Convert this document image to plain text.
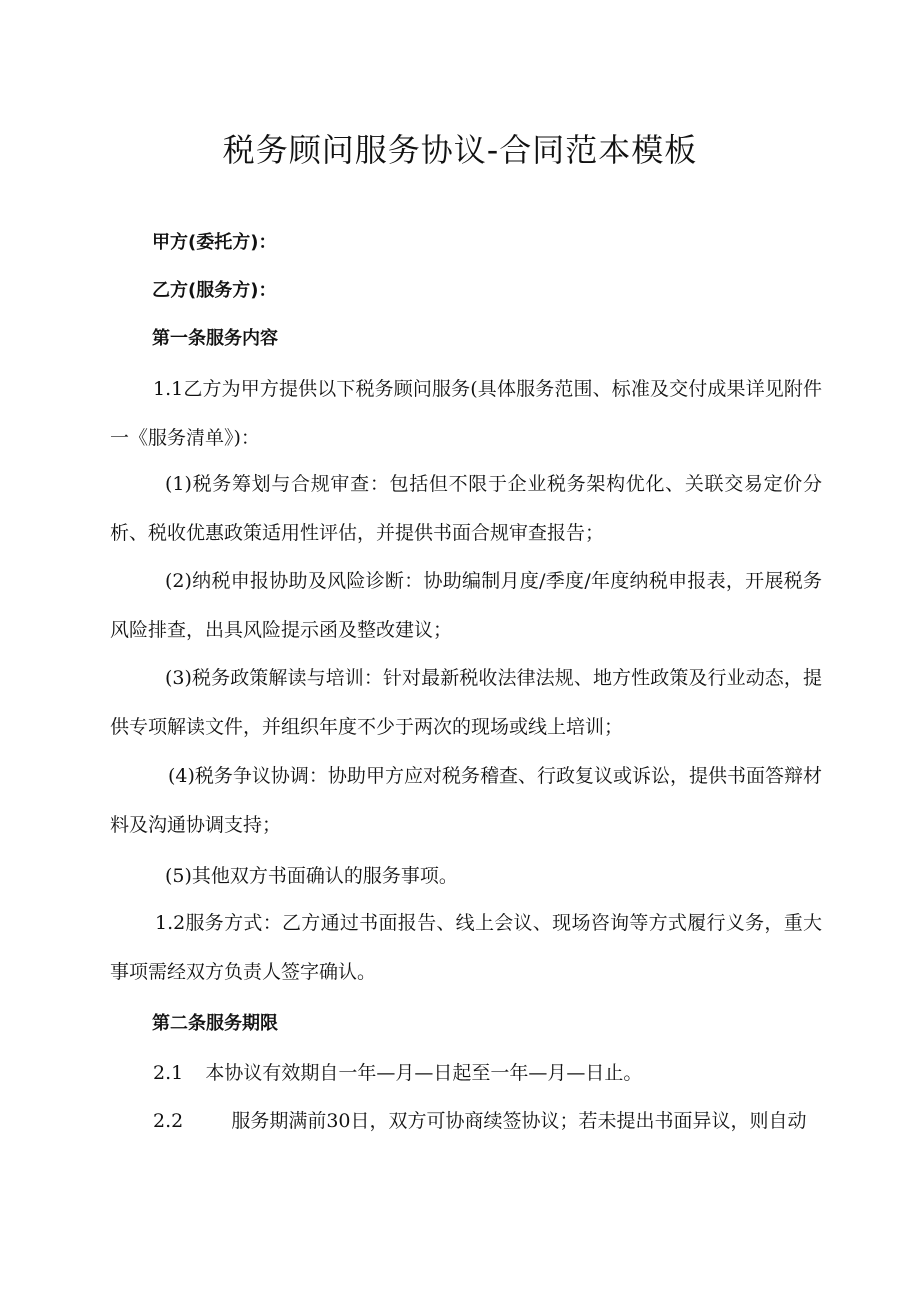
税务顾问服务协议-合同范本模板

甲方(委托方)：

乙方(服务方)：

第一条服务内容

1.1乙方为甲方提供以下税务顾问服务(具体服务范围、标准及交付成果详见附件一《服务清单》)：

(1)税务筹划与合规审查：包括但不限于企业税务架构优化、关联交易定价分析、税收优惠政策适用性评估，并提供书面合规审查报告；

(2)纳税申报协助及风险诊断：协助编制月度/季度/年度纳税申报表，开展税务风险排查，出具风险提示函及整改建议；

(3)税务政策解读与培训：针对最新税收法律法规、地方性政策及行业动态，提供专项解读文件，并组织年度不少于两次的现场或线上培训；

(4)税务争议协调：协助甲方应对税务稽查、行政复议或诉讼，提供书面答辩材料及沟通协调支持；

(5)其他双方书面确认的服务事项。

1.2服务方式：乙方通过书面报告、线上会议、现场咨询等方式履行义务，重大事项需经双方负责人签字确认。

第二条服务期限

2.1 本协议有效期自一年—月—日起至一年—月—日止。

2.2	服务期满前30日，双方可协商续签协议；若未提出书面异议，则自动
